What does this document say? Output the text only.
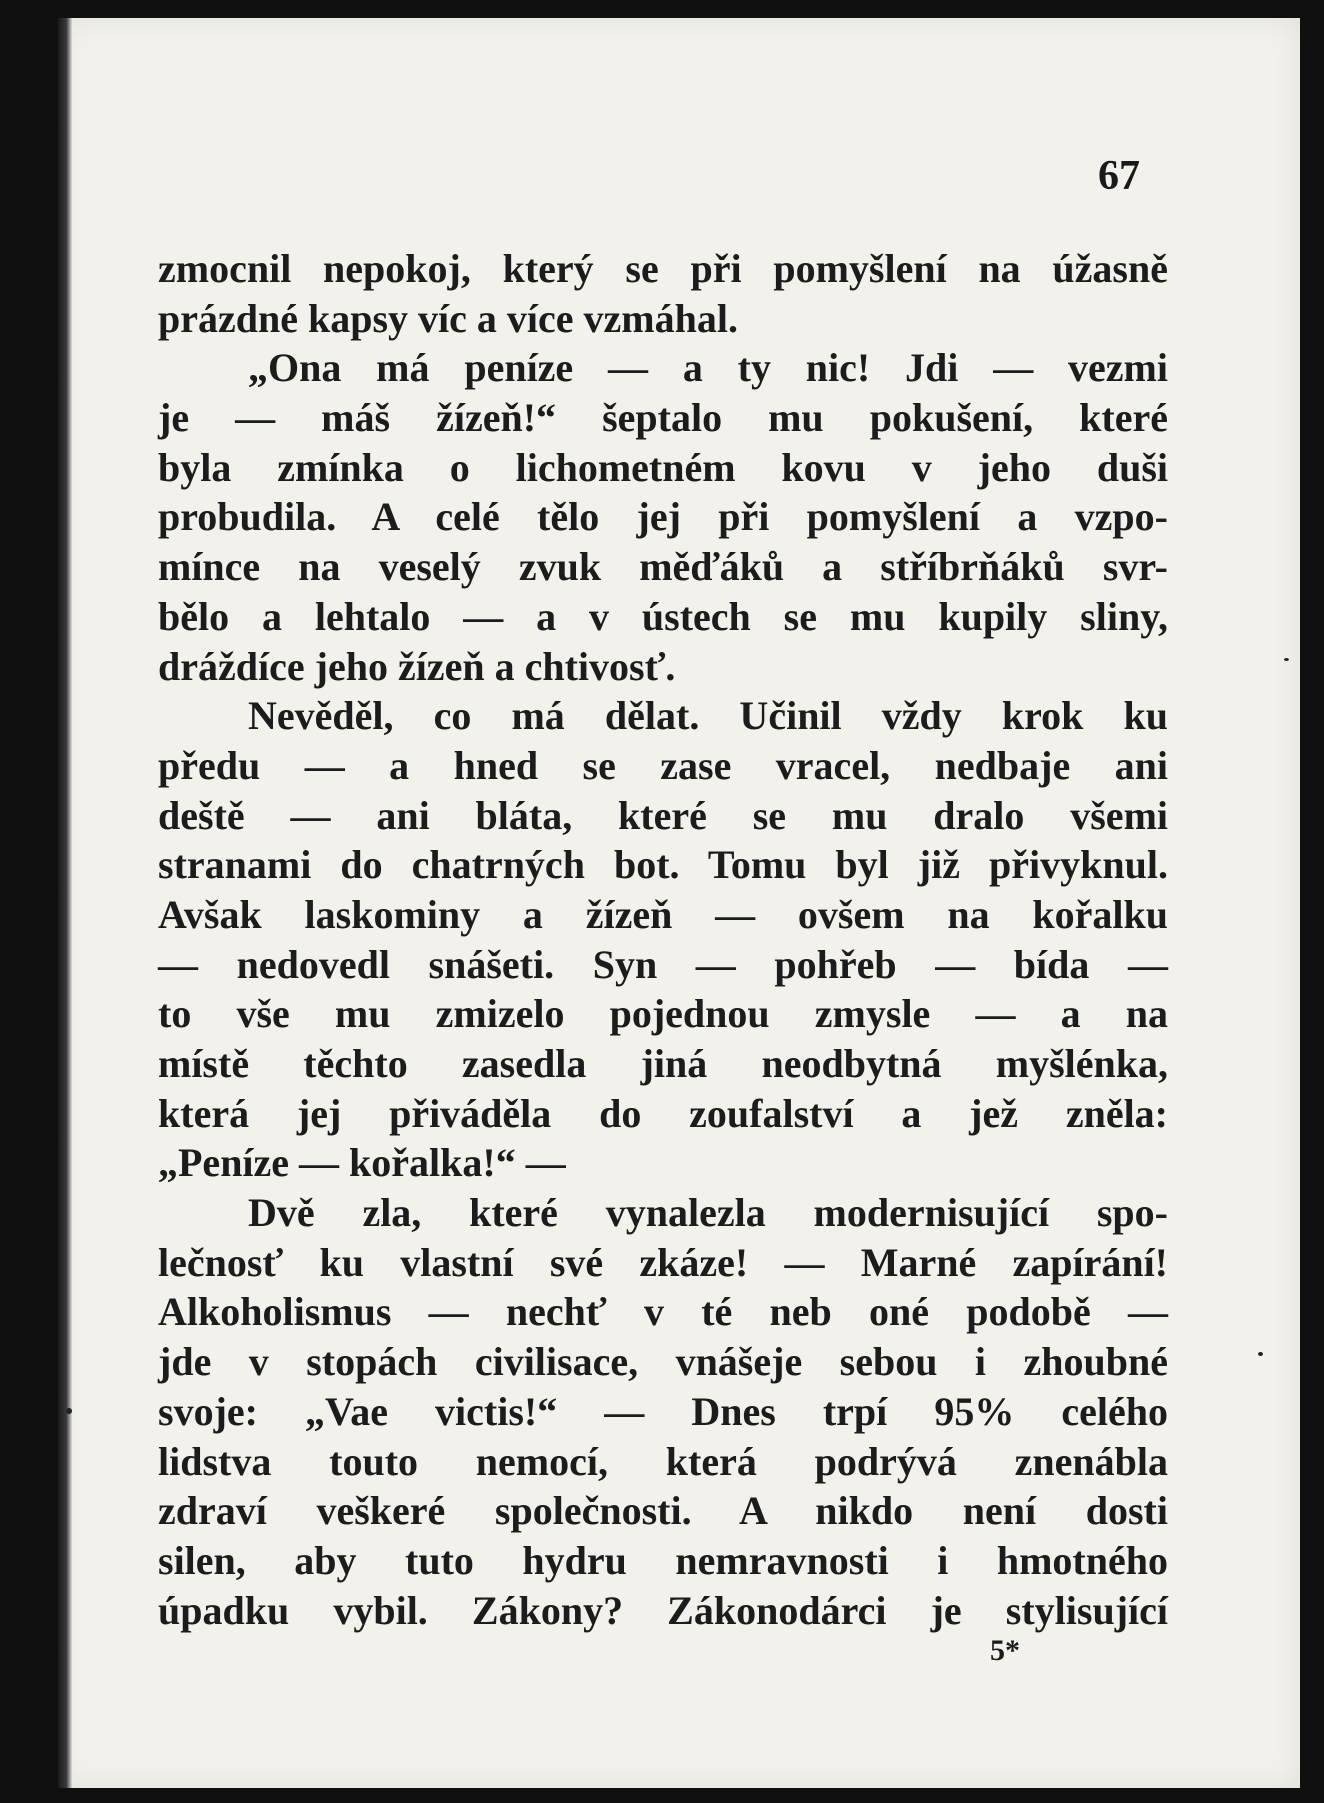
67
zmocnil nepokoj, který se při pomyšlení na úžasně
prázdné kapsy víc a více vzmáhal.
„Ona má peníze — a ty nic! Jdi — vezmi
je — máš žízeň!“ šeptalo mu pokušení, které
byla zmínka o lichometném kovu v jeho duši
probudila. A celé tělo jej při pomyšlení a vzpo-
mínce na veselý zvuk měďáků a stříbrňáků svr-
bělo a lehtalo — a v ústech se mu kupily sliny,
dráždíce jeho žízeň a chtivosť.
Nevěděl, co má dělat. Učinil vždy krok ku
předu — a hned se zase vracel, nedbaje ani
deště — ani bláta, které se mu dralo všemi
stranami do chatrných bot. Tomu byl již přivyknul.
Avšak laskominy a žízeň — ovšem na kořalku
— nedovedl snášeti. Syn — pohřeb — bída —
to vše mu zmizelo pojednou zmysle — a na
místě těchto zasedla jiná neodbytná myšlénka,
která jej přiváděla do zoufalství a jež zněla:
„Peníze — kořalka!“ —
Dvě zla, které vynalezla modernisující spo-
lečnosť ku vlastní své zkáze! — Marné zapírání!
Alkoholismus — nechť v té neb oné podobě —
jde v stopách civilisace, vnášeje sebou i zhoubné
svoje: „Vae victis!“ — Dnes trpí 95% celého
lidstva touto nemocí, která podrývá znenábla
zdraví veškeré společnosti. A nikdo není dosti
silen, aby tuto hydru nemravnosti i hmotného
úpadku vybil. Zákony? Zákonodárci je stylisující
5*
